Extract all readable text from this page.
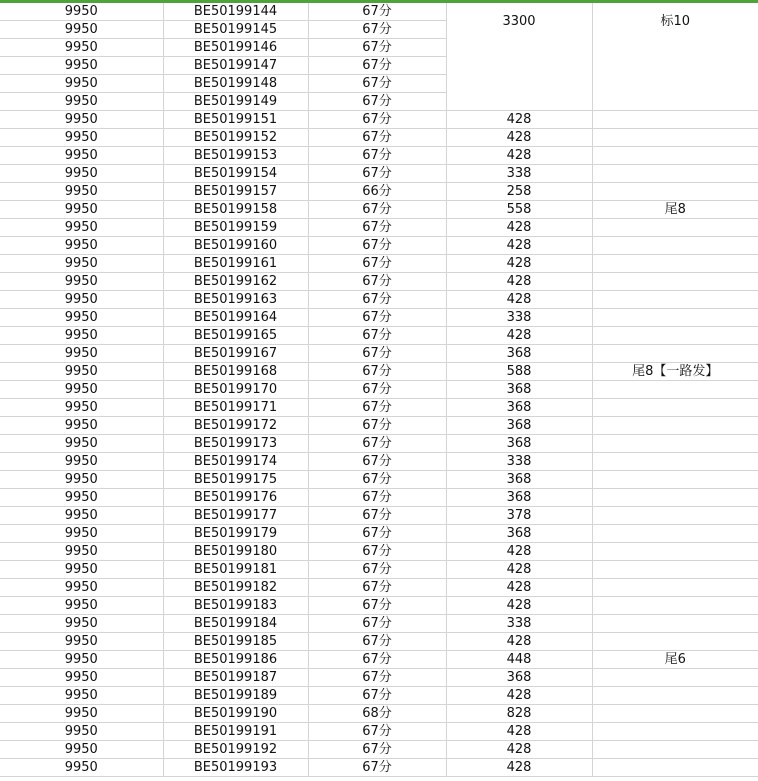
9950	BE50199144	67分	3300	标10
9950	BE50199145	67分		
9950	BE50199146	67分		
9950	BE50199147	67分		
9950	BE50199148	67分		
9950	BE50199149	67分		
9950	BE50199151	67分	428	
9950	BE50199152	67分	428	
9950	BE50199153	67分	428	
9950	BE50199154	67分	338	
9950	BE50199157	66分	258	
9950	BE50199158	67分	558	尾8
9950	BE50199159	67分	428	
9950	BE50199160	67分	428	
9950	BE50199161	67分	428	
9950	BE50199162	67分	428	
9950	BE50199163	67分	428	
9950	BE50199164	67分	338	
9950	BE50199165	67分	428	
9950	BE50199167	67分	368	
9950	BE50199168	67分	588	尾8【一路发】
9950	BE50199170	67分	368	
9950	BE50199171	67分	368	
9950	BE50199172	67分	368	
9950	BE50199173	67分	368	
9950	BE50199174	67分	338	
9950	BE50199175	67分	368	
9950	BE50199176	67分	368	
9950	BE50199177	67分	378	
9950	BE50199179	67分	368	
9950	BE50199180	67分	428	
9950	BE50199181	67分	428	
9950	BE50199182	67分	428	
9950	BE50199183	67分	428	
9950	BE50199184	67分	338	
9950	BE50199185	67分	428	
9950	BE50199186	67分	448	尾6
9950	BE50199187	67分	368	
9950	BE50199189	67分	428	
9950	BE50199190	68分	828	
9950	BE50199191	67分	428	
9950	BE50199192	67分	428	
9950	BE50199193	67分	428	
